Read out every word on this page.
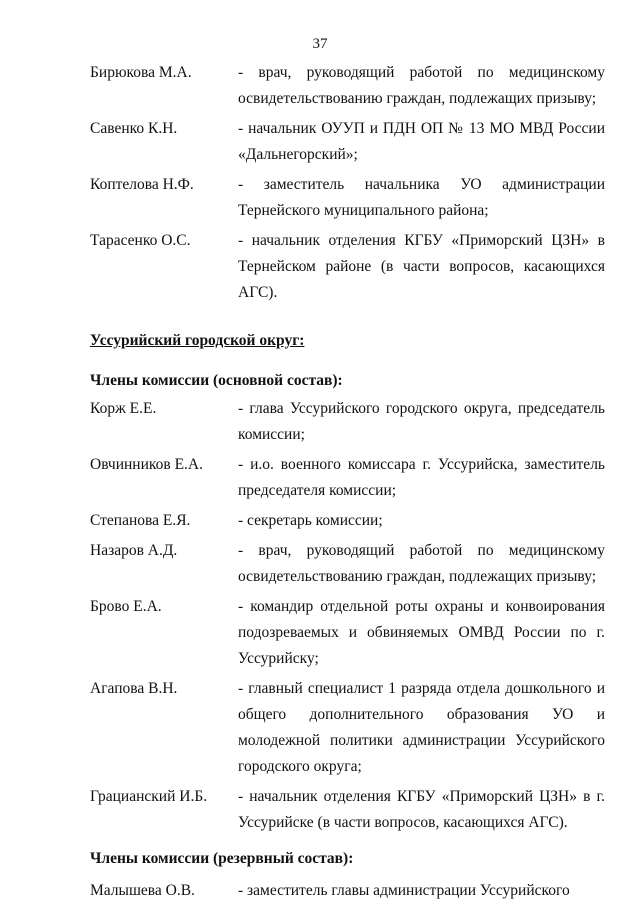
37
Бирюкова М.А.	- врач, руководящий работой по медицинскому освидетельствованию граждан, подлежащих призыву;
Савенко К.Н.	- начальник ОУУП и ПДН ОП № 13 МО МВД России «Дальнегорский»;
Коптелова Н.Ф.	- заместитель начальника УО администрации Тернейского муниципального района;
Тарасенко О.С.	- начальник отделения КГБУ «Приморский ЦЗН» в Тернейском районе (в части вопросов, касающихся АГС).
Уссурийский городской округ:
Члены комиссии (основной состав):
Корж Е.Е.	- глава Уссурийского городского округа, председатель комиссии;
Овчинников Е.А.	- и.о. военного комиссара г. Уссурийска, заместитель председателя комиссии;
Степанова Е.Я.	- секретарь комиссии;
Назаров А.Д.	- врач, руководящий работой по медицинскому освидетельствованию граждан, подлежащих призыву;
Брово Е.А.	- командир отдельной роты охраны и конвоирования подозреваемых и обвиняемых ОМВД России по г. Уссурийску;
Агапова В.Н.	- главный специалист 1 разряда отдела дошкольного и общего дополнительного образования УО и молодежной политики администрации Уссурийского городского округа;
Грацианский И.Б.	- начальник отделения КГБУ «Приморский ЦЗН» в г. Уссурийске (в части вопросов, касающихся АГС).
Члены комиссии (резервный состав):
Малышева О.В.	- заместитель главы администрации Уссурийского
